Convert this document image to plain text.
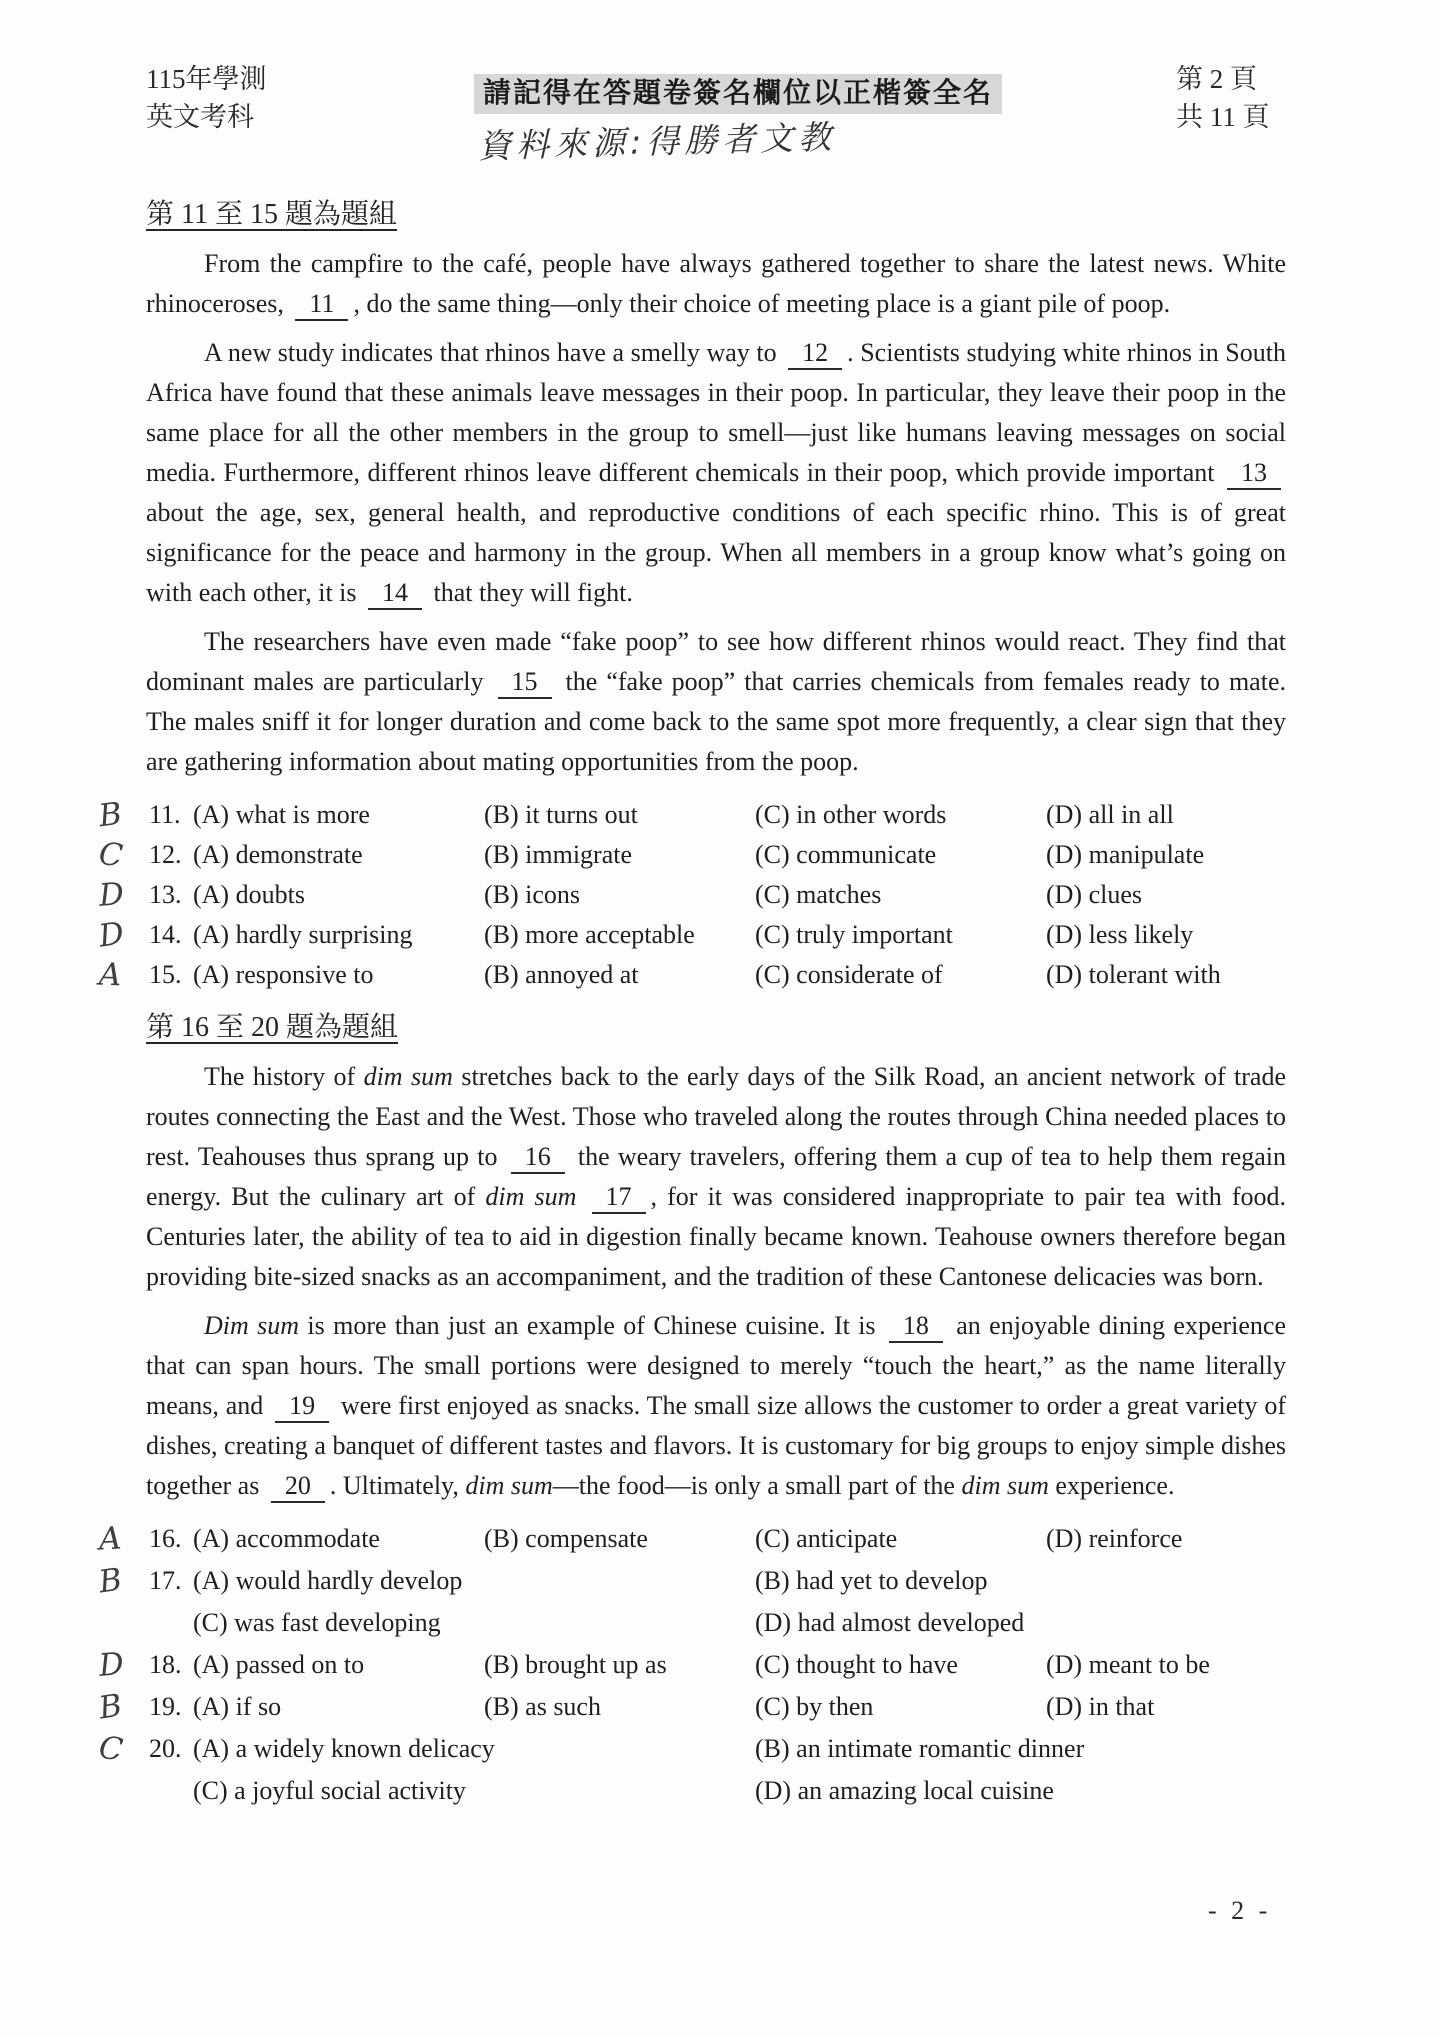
115年學測
英文考科
請記得在答題卷簽名欄位以正楷簽全名
資料來源:得勝者文教
第 2 頁
共 11 頁
第 11 至 15 題為題組

From the campfire to the café, people have always gathered together to share the latest news. White rhinoceroses, 11 , do the same thing—only their choice of meeting place is a giant pile of poop.

A new study indicates that rhinos have a smelly way to 12 . Scientists studying white rhinos in South Africa have found that these animals leave messages in their poop. In particular, they leave their poop in the same place for all the other members in the group to smell—just like humans leaving messages on social media. Furthermore, different rhinos leave different chemicals in their poop, which provide important 13 about the age, sex, general health, and reproductive conditions of each specific rhino. This is of great significance for the peace and harmony in the group. When all members in a group know what’s going on with each other, it is 14 that they will fight.

The researchers have even made “fake poop” to see how different rhinos would react. They find that dominant males are particularly 15 the “fake poop” that carries chemicals from females ready to mate. The males sniff it for longer duration and come back to the same spot more frequently, a clear sign that they are gathering information about mating opportunities from the poop.

B 11. (A) what is more	(B) it turns out	(C) in other words	(D) all in all
C 12. (A) demonstrate	(B) immigrate	(C) communicate	(D) manipulate
D 13. (A) doubts	(B) icons	(C) matches	(D) clues
D 14. (A) hardly surprising	(B) more acceptable	(C) truly important	(D) less likely
A 15. (A) responsive to	(B) annoyed at	(C) considerate of	(D) tolerant with
第 16 至 20 題為題組

The history of dim sum stretches back to the early days of the Silk Road, an ancient network of trade routes connecting the East and the West. Those who traveled along the routes through China needed places to rest. Teahouses thus sprang up to 16 the weary travelers, offering them a cup of tea to help them regain energy. But the culinary art of dim sum 17 , for it was considered inappropriate to pair tea with food. Centuries later, the ability of tea to aid in digestion finally became known. Teahouse owners therefore began providing bite-sized snacks as an accompaniment, and the tradition of these Cantonese delicacies was born.

Dim sum is more than just an example of Chinese cuisine. It is 18 an enjoyable dining experience that can span hours. The small portions were designed to merely “touch the heart,” as the name literally means, and 19 were first enjoyed as snacks. The small size allows the customer to order a great variety of dishes, creating a banquet of different tastes and flavors. It is customary for big groups to enjoy simple dishes together as 20 . Ultimately, dim sum—the food—is only a small part of the dim sum experience.

A 16. (A) accommodate	(B) compensate	(C) anticipate	(D) reinforce
B 17. (A) would hardly develop	(B) had yet to develop
(C) was fast developing	(D) had almost developed
D 18. (A) passed on to	(B) brought up as	(C) thought to have	(D) meant to be
B 19. (A) if so	(B) as such	(C) by then	(D) in that
C 20. (A) a widely known delicacy	(B) an intimate romantic dinner
(C) a joyful social activity	(D) an amazing local cuisine
- 2 -
